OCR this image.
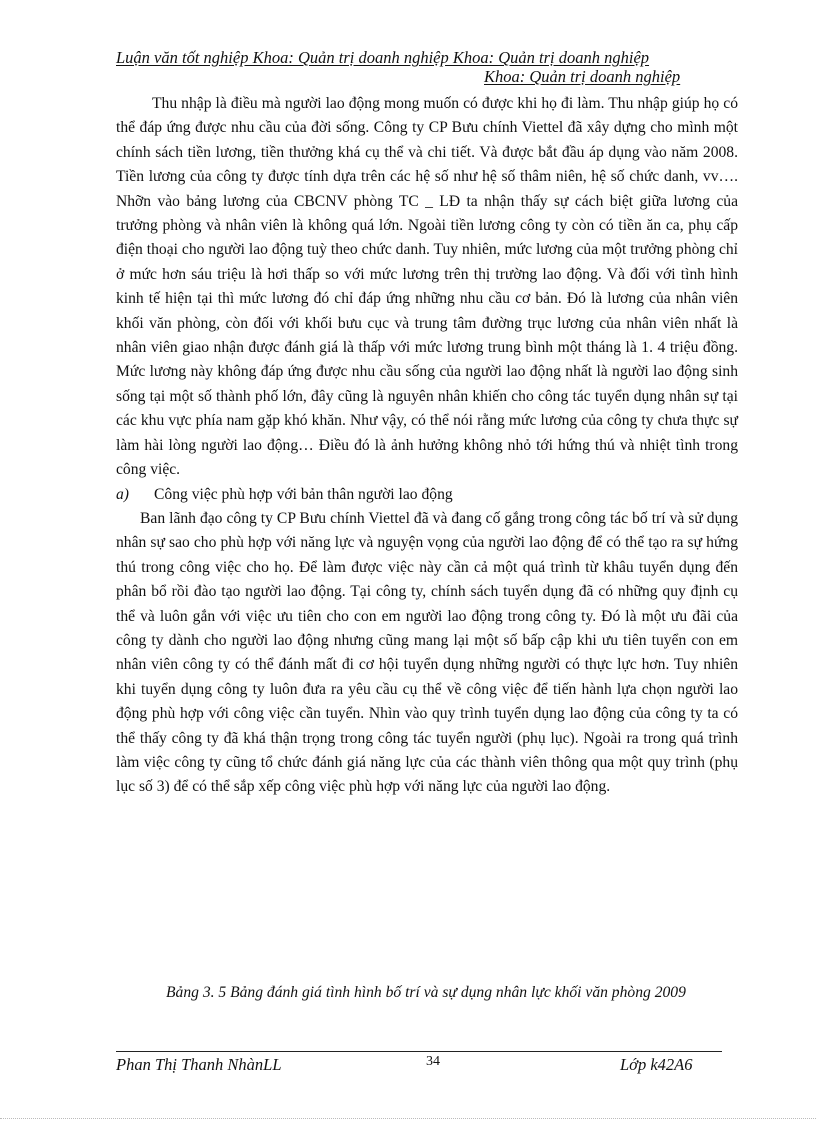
Luận văn tốt nghiệp Khoa: Quản trị doanh nghiệp Khoa: Quản trị doanh nghiệp
Khoa: Quản trị doanh nghiệp

Thu nhập là điều mà người lao động mong muốn có được khi họ đi làm. Thu nhập giúp họ có thể đáp ứng được nhu cầu của đời sống. Công ty CP Bưu chính Viettel đã xây dựng cho mình một chính sách tiền lương, tiền thưởng khá cụ thể và chi tiết. Và được bắt đầu áp dụng vào năm 2008. Tiền lương của công ty được tính dựa trên các hệ số như hệ số thâm niên, hệ số chức danh, vv…. Nhỡn vào bảng lương của CBCNV phòng TC _ LĐ ta nhận thấy sự cách biệt giữa lương của trưởng phòng và nhân viên là không quá lớn. Ngoài tiền lương công ty còn có tiền ăn ca, phụ cấp điện thoại cho người lao động tuỳ theo chức danh. Tuy nhiên, mức lương của một trưởng phòng chỉ ở mức hơn sáu triệu là hơi thấp so với mức lương trên thị trường lao động. Và đối với tình hình kinh tế hiện tại thì mức lương đó chỉ đáp ứng những nhu cầu cơ bản. Đó là lương của nhân viên khối văn phòng, còn đối với khối bưu cục và trung tâm đường trục lương của nhân viên nhất là nhân viên giao nhận được đánh giá là thấp với mức lương trung bình một tháng là 1. 4 triệu đồng. Mức lương này không đáp ứng được nhu cầu sống của người lao động nhất là người lao động sinh sống tại một số thành phố lớn, đây cũng là nguyên nhân khiến cho công tác tuyển dụng nhân sự tại các khu vực phía nam gặp khó khăn. Như vậy, có thể nói rằng mức lương của công ty chưa thực sự làm hài lòng người lao động… Điều đó là ảnh hưởng không nhỏ tới hứng thú và nhiệt tình trong công việc.

a)	Công việc phù hợp với bản thân người lao động

Ban lãnh đạo công ty CP Bưu chính Viettel đã và đang cố gắng trong công tác bố trí và sử dụng nhân sự sao cho phù hợp với năng lực và nguyện vọng của người lao động để có thể tạo ra sự hứng thú trong công việc cho họ. Để làm được việc này cần cả một quá trình từ khâu tuyển dụng đến phân bổ rồi đào tạo người lao động. Tại công ty, chính sách tuyển dụng đã có những quy định cụ thể và luôn gắn với việc ưu tiên cho con em người lao động trong công ty. Đó là một ưu đãi của công ty dành cho người lao động nhưng cũng mang lại một số bấp cập khi ưu tiên tuyển con em nhân viên công ty có thể đánh mất đi cơ hội tuyển dụng những người có thực lực hơn. Tuy nhiên khi tuyển dụng công ty luôn đưa ra yêu cầu cụ thể về công việc để tiến hành lựa chọn người lao động phù hợp với công việc cần tuyển. Nhìn vào quy trình tuyển dụng lao động của công ty ta có thể thấy công ty đã khá thận trọng trong công tác tuyển người (phụ lục). Ngoài ra trong quá trình làm việc công ty cũng tổ chức đánh giá năng lực của các thành viên thông qua một quy trình (phụ lục số 3) để có thể sắp xếp công việc phù hợp với năng lực của người lao động.

Bảng 3. 5 Bảng đánh giá tình hình bố trí và sự dụng nhân lực khối văn phòng 2009
Phan Thị Thanh NhànLL	34	Lớp k42A6
